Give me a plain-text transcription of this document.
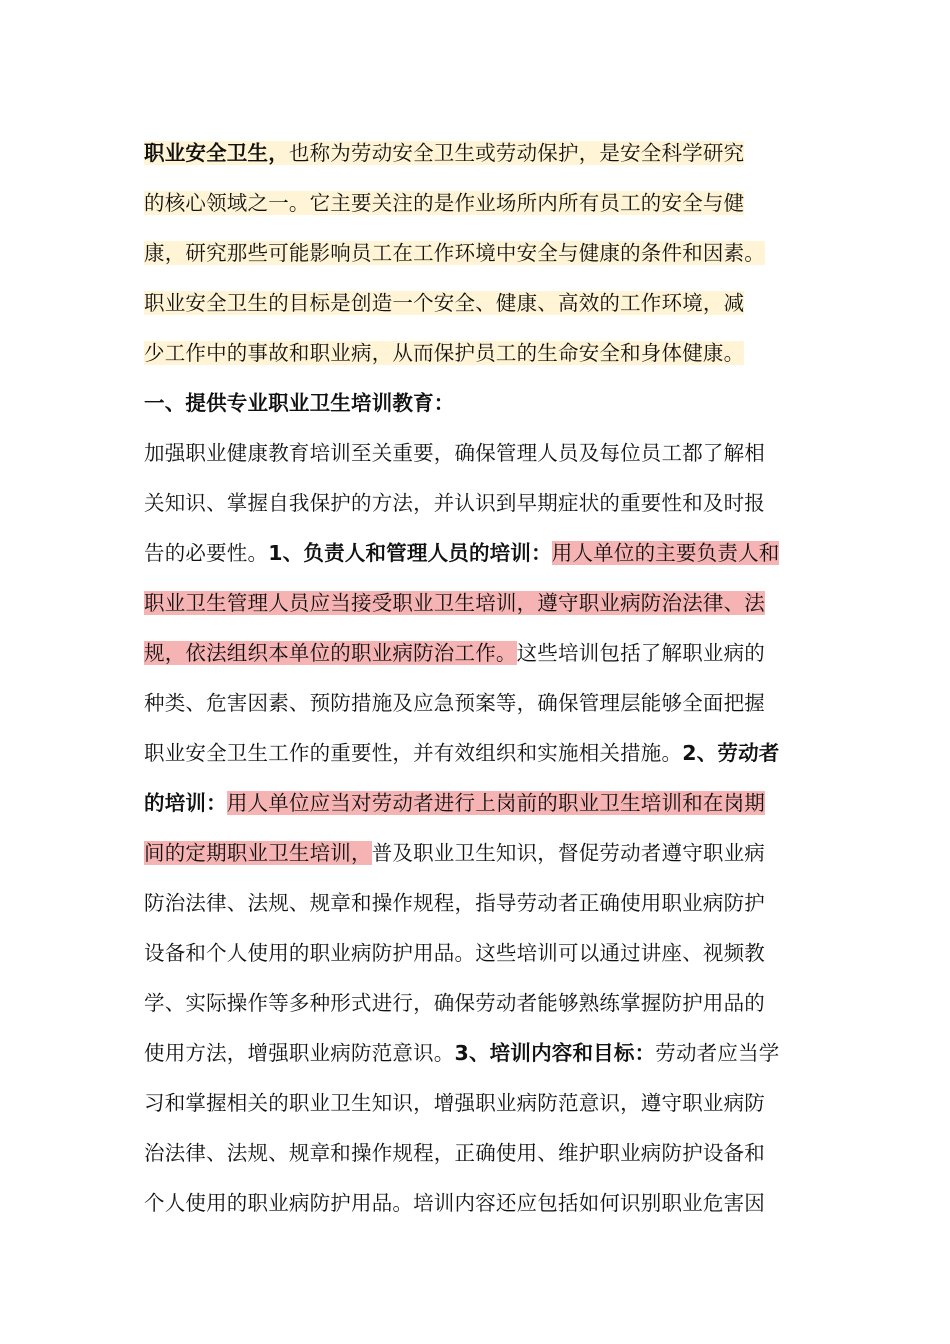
职业安全卫生，也称为劳动安全卫生或劳动保护，是安全科学研究
的核心领域之一。它主要关注的是作业场所内所有员工的安全与健
康，研究那些可能影响员工在工作环境中安全与健康的条件和因素。
职业安全卫生的目标是创造一个安全、健康、高效的工作环境，减
少工作中的事故和职业病，从而保护员工的生命安全和身体健康。
一、提供专业职业卫生培训教育：
加强职业健康教育培训至关重要，确保管理人员及每位员工都了解相
关知识、掌握自我保护的方法，并认识到早期症状的重要性和及时报
告的必要性。1、负责人和管理人员的培训：用人单位的主要负责人和
职业卫生管理人员应当接受职业卫生培训，遵守职业病防治法律、法
规，依法组织本单位的职业病防治工作。这些培训包括了解职业病的
种类、危害因素、预防措施及应急预案等，确保管理层能够全面把握
职业安全卫生工作的重要性，并有效组织和实施相关措施。2、劳动者
的培训：用人单位应当对劳动者进行上岗前的职业卫生培训和在岗期
间的定期职业卫生培训，普及职业卫生知识，督促劳动者遵守职业病
防治法律、法规、规章和操作规程，指导劳动者正确使用职业病防护
设备和个人使用的职业病防护用品。这些培训可以通过讲座、视频教
学、实际操作等多种形式进行，确保劳动者能够熟练掌握防护用品的
使用方法，增强职业病防范意识。3、培训内容和目标：劳动者应当学
习和掌握相关的职业卫生知识，增强职业病防范意识，遵守职业病防
治法律、法规、规章和操作规程，正确使用、维护职业病防护设备和
个人使用的职业病防护用品。培训内容还应包括如何识别职业危害因
